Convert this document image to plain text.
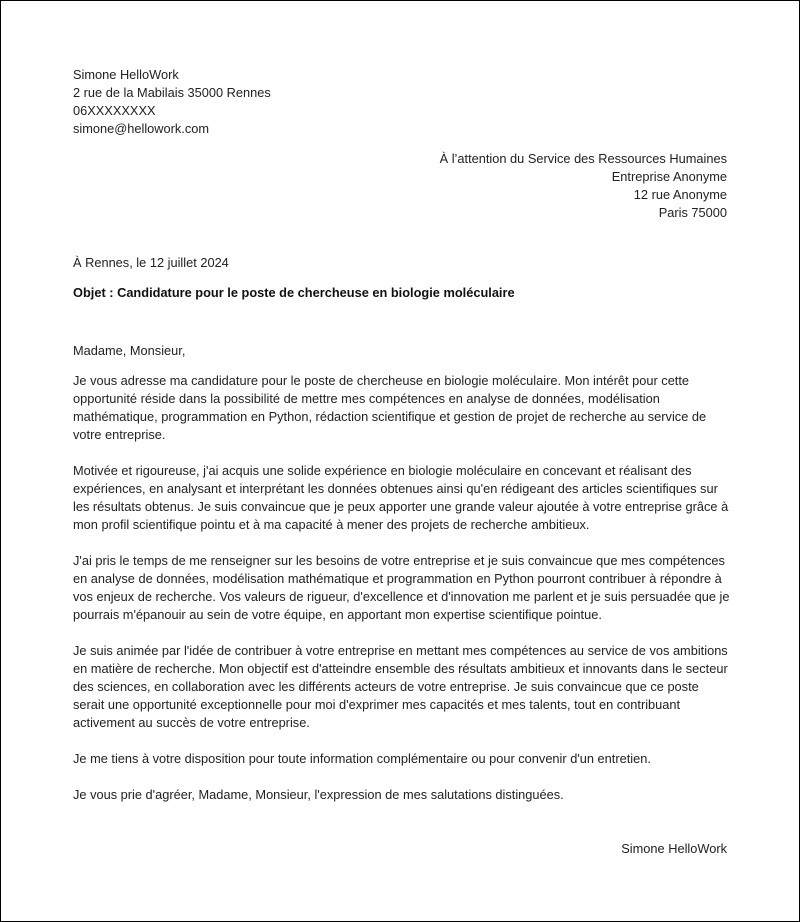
Simone HelloWork
2 rue de la Mabilais 35000 Rennes
06XXXXXXXX
simone@hellowork.com
À l’attention du Service des Ressources Humaines
Entreprise Anonyme
12 rue Anonyme
Paris 75000
À Rennes, le 12 juillet 2024
Objet : Candidature pour le poste de chercheuse en biologie moléculaire
Madame, Monsieur,

Je vous adresse ma candidature pour le poste de chercheuse en biologie moléculaire. Mon intérêt pour cette opportunité réside dans la possibilité de mettre mes compétences en analyse de données, modélisation mathématique, programmation en Python, rédaction scientifique et gestion de projet de recherche au service de votre entreprise.

Motivée et rigoureuse, j'ai acquis une solide expérience en biologie moléculaire en concevant et réalisant des expériences, en analysant et interprétant les données obtenues ainsi qu'en rédigeant des articles scientifiques sur les résultats obtenus. Je suis convaincue que je peux apporter une grande valeur ajoutée à votre entreprise grâce à mon profil scientifique pointu et à ma capacité à mener des projets de recherche ambitieux.

J'ai pris le temps de me renseigner sur les besoins de votre entreprise et je suis convaincue que mes compétences en analyse de données, modélisation mathématique et programmation en Python pourront contribuer à répondre à vos enjeux de recherche. Vos valeurs de rigueur, d'excellence et d'innovation me parlent et je suis persuadée que je pourrais m'épanouir au sein de votre équipe, en apportant mon expertise scientifique pointue.

Je suis animée par l'idée de contribuer à votre entreprise en mettant mes compétences au service de vos ambitions en matière de recherche. Mon objectif est d'atteindre ensemble des résultats ambitieux et innovants dans le secteur des sciences, en collaboration avec les différents acteurs de votre entreprise. Je suis convaincue que ce poste serait une opportunité exceptionnelle pour moi d'exprimer mes capacités et mes talents, tout en contribuant activement au succès de votre entreprise.

Je me tiens à votre disposition pour toute information complémentaire ou pour convenir d'un entretien.

Je vous prie d'agréer, Madame, Monsieur, l'expression de mes salutations distinguées.

Simone HelloWork
